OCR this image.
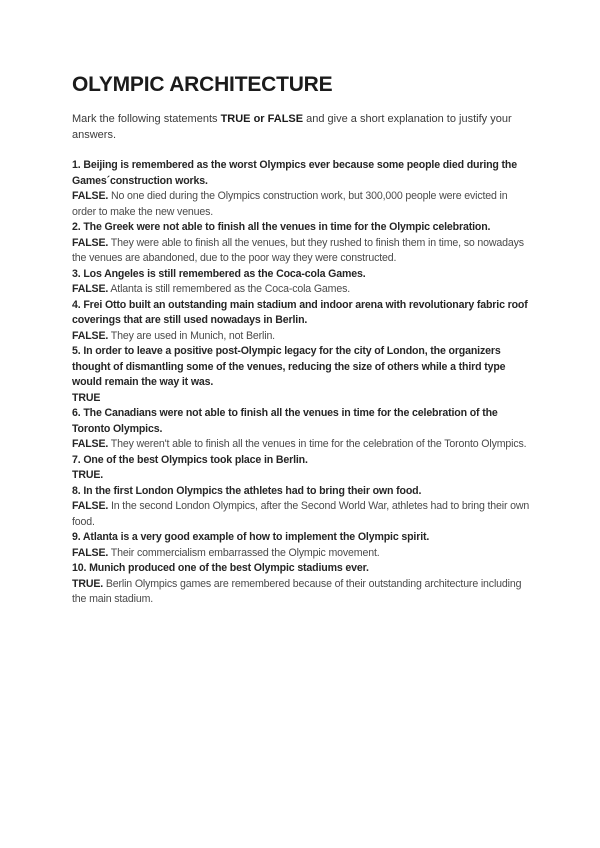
OLYMPIC ARCHITECTURE

Mark the following statements TRUE or FALSE and give a short explanation to justify your answers.

1. Beijing is remembered as the worst Olympics ever because some people died during the Games´construction works.

FALSE. No one died during the Olympics construction work, but 300,000 people were evicted in order to make the new venues.

2. The Greek were not able to finish all the venues in time for the Olympic celebration.

FALSE. They were able to finish all the venues, but they rushed to finish them in time, so nowadays the venues are abandoned, due to the poor way they were constructed.

3. Los Angeles is still remembered as the Coca-cola Games.

FALSE. Atlanta is still remembered as the Coca-cola Games.

4. Frei Otto built an outstanding main stadium and indoor arena with revolutionary fabric roof coverings that are still used nowadays in Berlin.

FALSE. They are used in Munich, not Berlin.

5. In order to leave a positive post-Olympic legacy for the city of London, the organizers thought of dismantling some of the venues, reducing the size of others while a third type would remain the way it was.

TRUE

6. The Canadians were not able to finish all the venues in time for the celebration of the Toronto Olympics.

FALSE. They weren't able to finish all the venues in time for the celebration of the Toronto Olympics.

7. One of the best Olympics took place in Berlin.

TRUE.

8. In the first London Olympics the athletes had to bring their own food.

FALSE. In the second London Olympics, after the Second World War, athletes had to bring their own food.

9. Atlanta is a very good example of how to implement the Olympic spirit.

FALSE. Their commercialism embarrassed the Olympic movement.

10. Munich produced one of the best Olympic stadiums ever.

TRUE. Berlin Olympics games are remembered because of their outstanding architecture including the main stadium.
